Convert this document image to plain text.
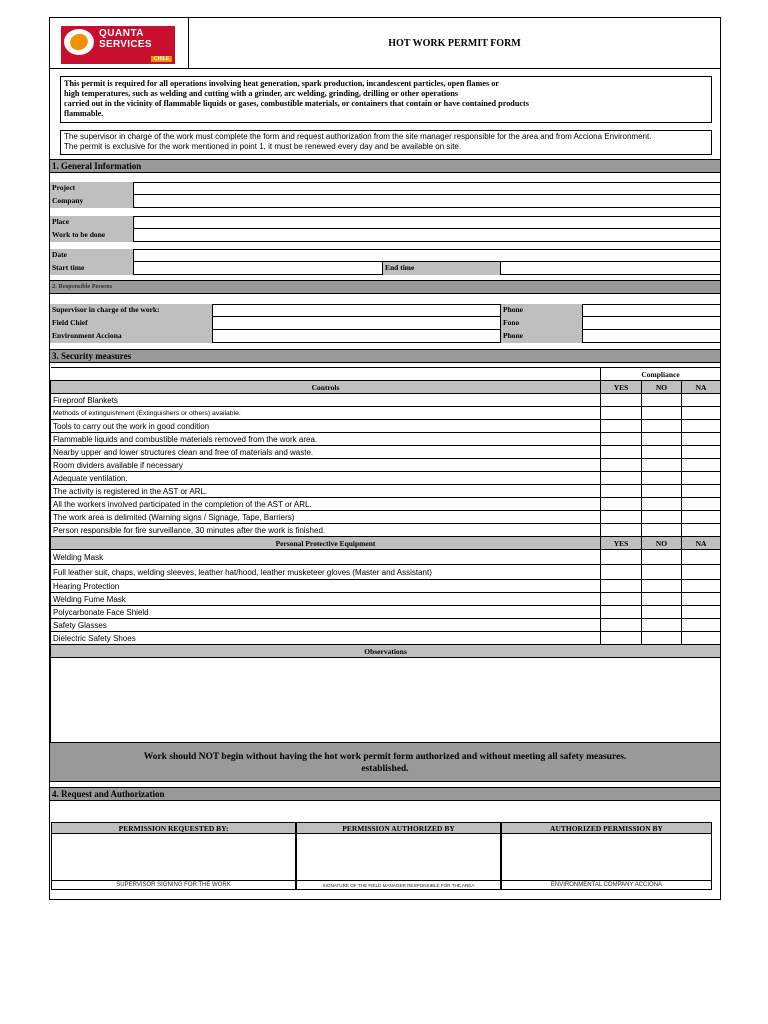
QUANTA
SERVICES
CHILE
HOT WORK PERMIT FORM
This permit is required for all operations involving heat generation, spark production, incandescent particles, open flames or
high temperatures, such as welding and cutting with a grinder, arc welding, grinding, drilling or other operations
carried out in the vicinity of flammable liquids or gases, combustible materials, or containers that contain or have contained products
flammable.
The supervisor in charge of the work must complete the form and request authorization from the site manager responsible for the area and from Acciona Environment.
The permit is exclusive for the work mentioned in point 1, it must be renewed every day and be available on site.
1. General Information
Project
Company
Place
Work to be done
Date
Start time	End time
2. Responsible Persons
Supervisor in charge of the work:	Phone
Field Chief	Fono
Environment Acciona	Phone
3. Security measures
	Compliance		
Controls	YES	NO	NA
Fireproof Blankets			
Methods of extinguishment (Extinguishers or others) available.			
Tools to carry out the work in good condition			
Flammable liquids and combustible materials removed from the work area.			
Nearby upper and lower structures clean and free of materials and waste.			
Room dividers available if necessary			
Adequate ventilation.			
The activity is registered in the AST or ARL.			
All the workers involved participated in the completion of the AST or ARL.			
The work area is delimited (Warning signs / Signage, Tape, Barriers)			
Person responsible for fire surveillance, 30 minutes after the work is finished.			
Personal Protective Equipment	YES	NO	NA
Welding Mask			
Full leather suit, chaps, welding sleeves, leather hat/hood, leather musketeer gloves (Master and Assistant)			
Hearing Protection			
Welding Fume Mask			
Polycarbonate Face Shield			
Safety Glasses			
Dielectric Safety Shoes			
Observations			

Work should NOT begin without having the hot work permit form authorized and without meeting all safety measures.
established.
4. Request and Authorization
PERMISSION REQUESTED BY:	PERMISSION AUTHORIZED BY	AUTHORIZED PERMISSION BY
SUPERVISOR SIGNING FOR THE WORK	SIGNATURE OF THE FIELD MANAGER RESPONSIBLE FOR THE AREA	ENVIRONMENTAL COMPANY ACCIONA
